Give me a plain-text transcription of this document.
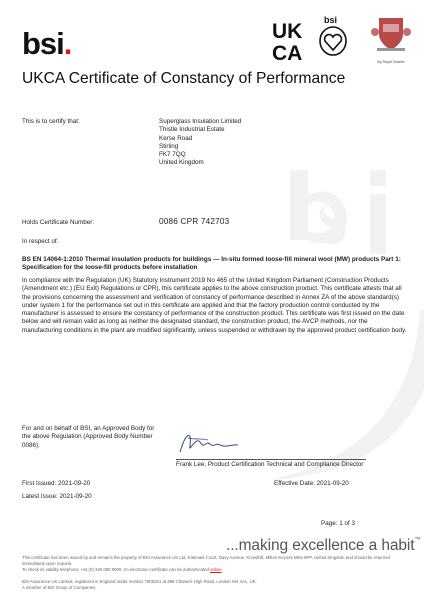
bsi.	UK
CA
bsi
By Royal Charter
UKCA Certificate of Constancy of Performance
This is to certify that:	Superglass Insulation Limited
Thistle Industrial Estate
Kerse Road
Stirling
FK7 7QQ
United Kingdom
Holds Certificate Number:	0086 CPR 742703
In respect of:
BS EN 14064-1:2010 Thermal insulation products for buildings — In-situ formed loose-fill mineral wool (MW) products Part 1: Specification for the loose-fill products before installation
In compliance with the Regulation (UK) Statutory Instrument 2019 No 465 of the United Kingdom Parliament (Construction Products (Amendment etc.) (EU Exit) Regulations or CPR), this certificate applies to the above construction product. This certificate attests that all the provisions concerning the assessment and verification of constancy of performance described in Annex ZA of the above standard(s) under system 1 for the performance set out in this certificate are applied and that the factory production control conducted by the manufacturer is assessed to ensure the constancy of performance of the construction product. This certificate was first issued on the date below and will remain valid as long as neither the designated standard, the construction product, the AVCP methods, nor the manufacturing conditions in the plant are modified significantly, unless suspended or withdrawn by the approved product certification body.
For and on behalf of BSI, an Approved Body for the above Regulation (Approved Body Number 0086):
Frank Lee, Product Certification Technical and Compliance Director
First Issued: 2021-09-20
Latest Issue: 2021-09-20
Effective Date: 2021-09-20
Page: 1 of 3
...making excellence a habit™
This certificate has been issued by and remains the property of BSI Assurance UK Ltd, Kitemark Court, Davy Avenue, Knowlhill, Milton Keynes MK5 8PP, United Kingdom and should be returned immediately upon request.
To check its validity telephone +44 (0) 345 080 9000. An electronic certificate can be authenticated online.
BSI Assurance UK Limited, registered in England under number 7805321 at 389 Chiswick High Road, London W4 4AL, UK.
A member of BSI Group of Companies.
